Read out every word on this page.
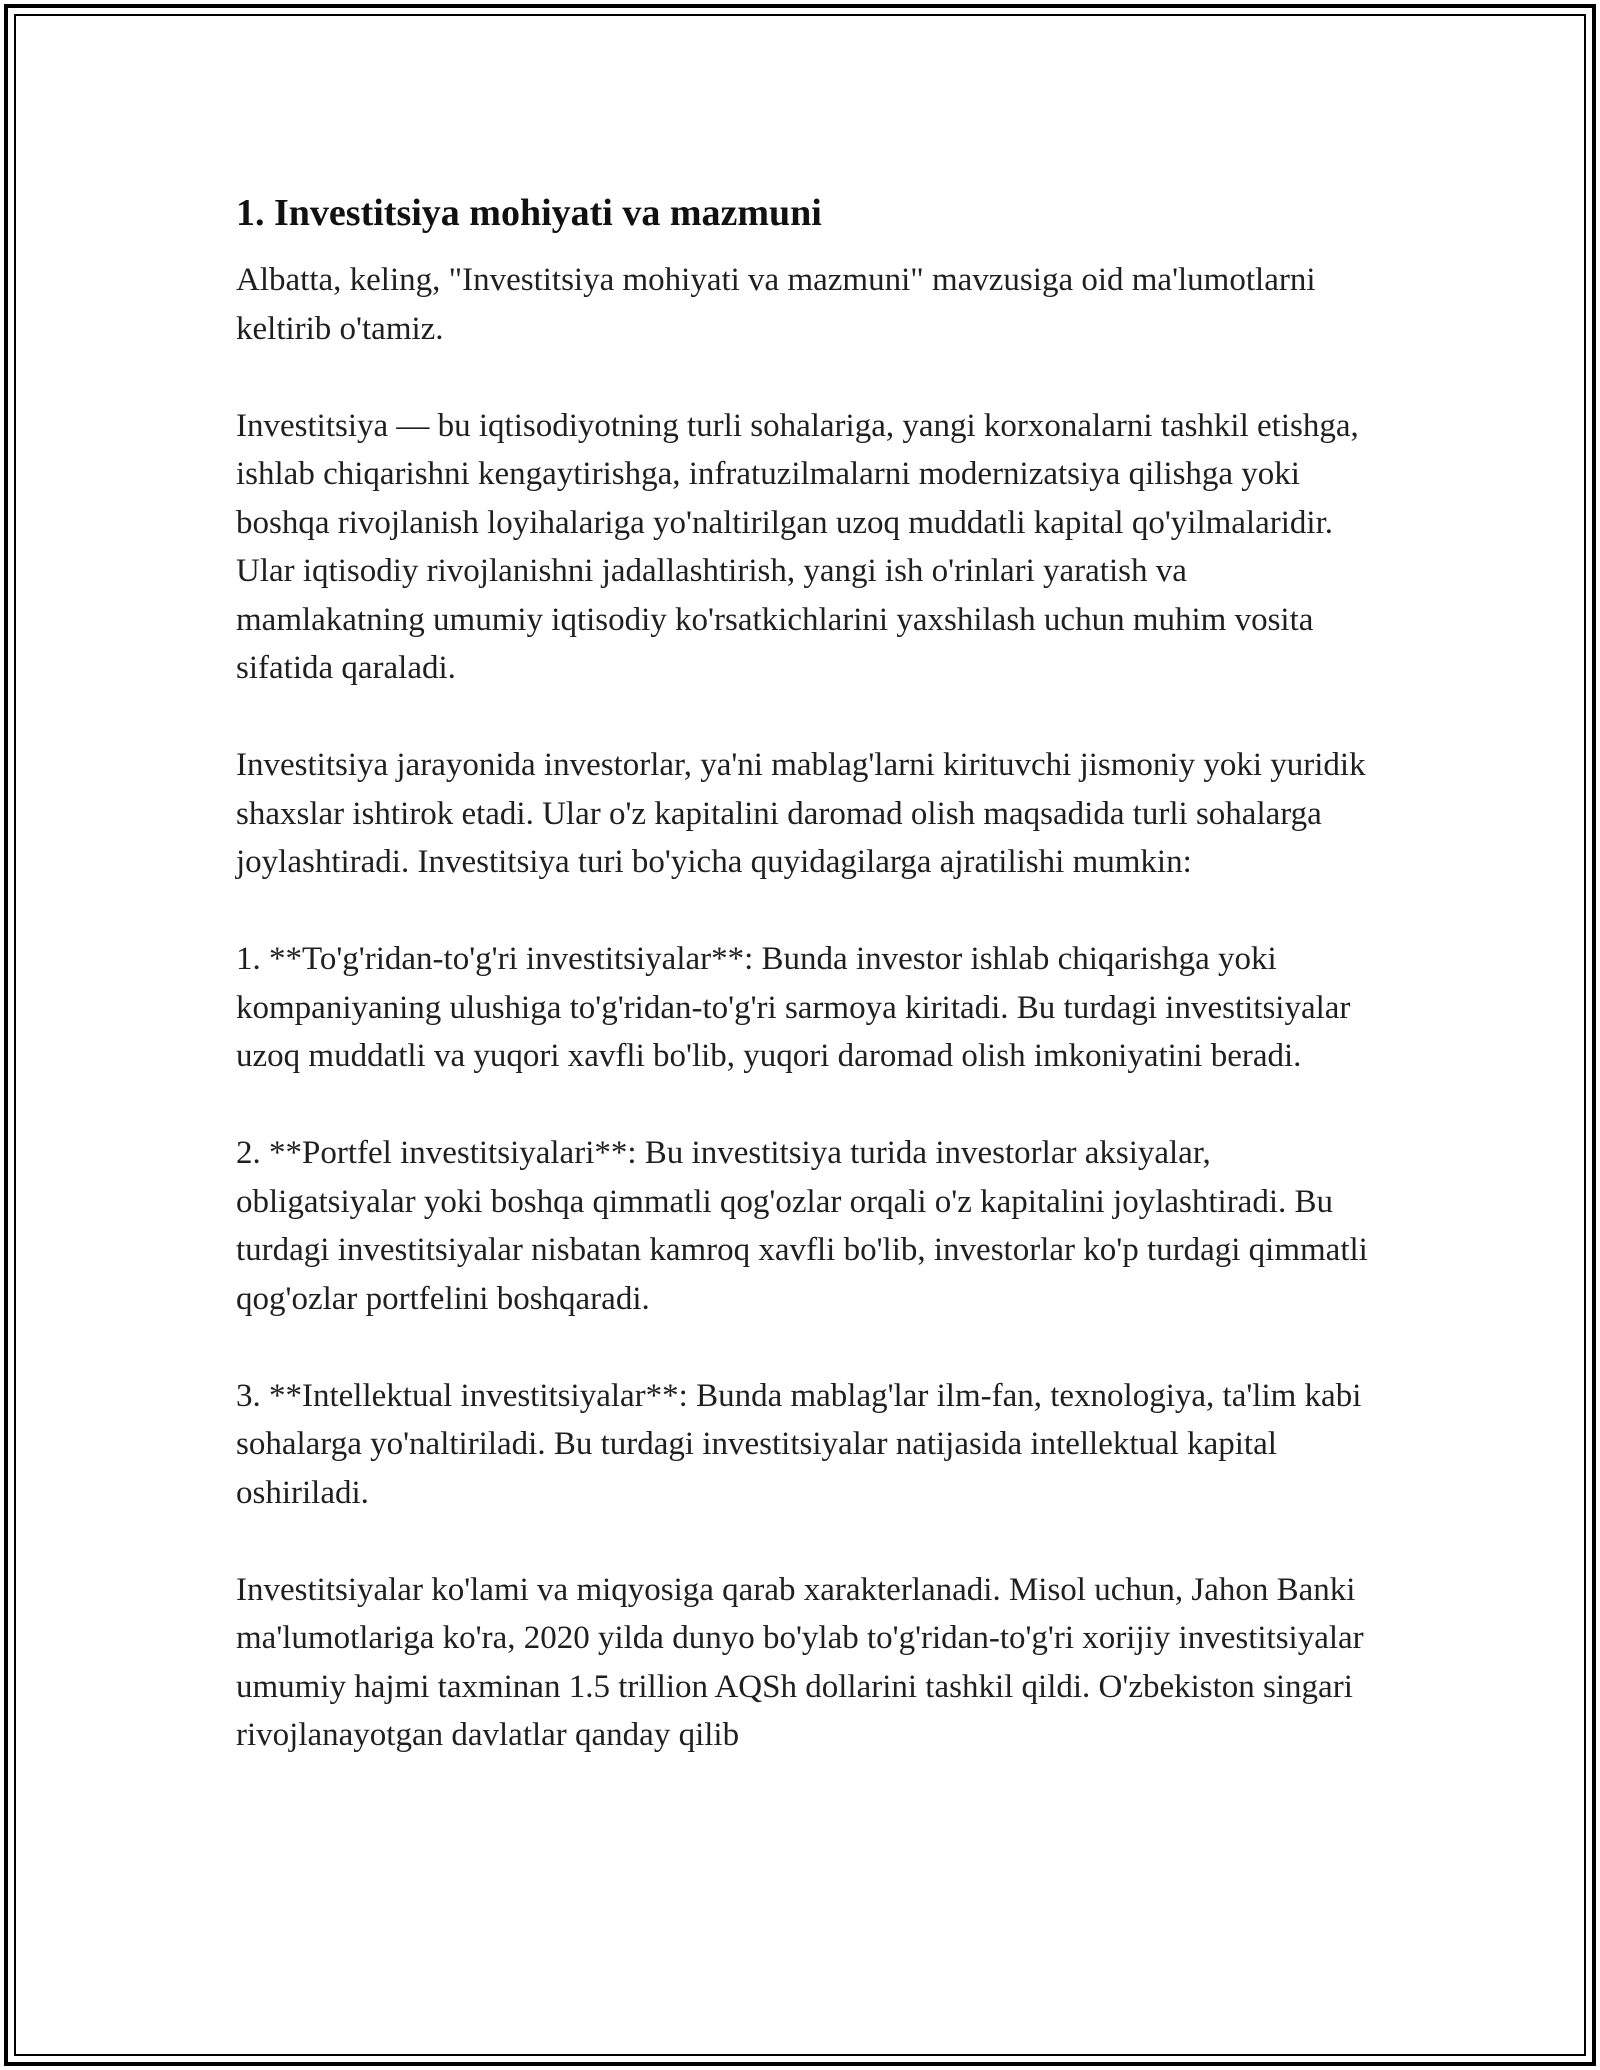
1. Investitsiya mohiyati va mazmuni

Albatta, keling, "Investitsiya mohiyati va mazmuni" mavzusiga oid ma'lumotlarni keltirib o'tamiz.

Investitsiya — bu iqtisodiyotning turli sohalariga, yangi korxonalarni tashkil etishga, ishlab chiqarishni kengaytirishga, infratuzilmalarni modernizatsiya qilishga yoki boshqa rivojlanish loyihalariga yo'naltirilgan uzoq muddatli kapital qo'yilmalaridir. Ular iqtisodiy rivojlanishni jadallashtirish, yangi ish o'rinlari yaratish va mamlakatning umumiy iqtisodiy ko'rsatkichlarini yaxshilash uchun muhim vosita sifatida qaraladi.

Investitsiya jarayonida investorlar, ya'ni mablag'larni kirituvchi jismoniy yoki yuridik shaxslar ishtirok etadi. Ular o'z kapitalini daromad olish maqsadida turli sohalarga joylashtiradi. Investitsiya turi bo'yicha quyidagilarga ajratilishi mumkin:

1. **To'g'ridan-to'g'ri investitsiyalar**: Bunda investor ishlab chiqarishga yoki kompaniyaning ulushiga to'g'ridan-to'g'ri sarmoya kiritadi. Bu turdagi investitsiyalar uzoq muddatli va yuqori xavfli bo'lib, yuqori daromad olish imkoniyatini beradi.

2. **Portfel investitsiyalari**: Bu investitsiya turida investorlar aksiyalar, obligatsiyalar yoki boshqa qimmatli qog'ozlar orqali o'z kapitalini joylashtiradi. Bu turdagi investitsiyalar nisbatan kamroq xavfli bo'lib, investorlar ko'p turdagi qimmatli qog'ozlar portfelini boshqaradi.

3. **Intellektual investitsiyalar**: Bunda mablag'lar ilm-fan, texnologiya, ta'lim kabi sohalarga yo'naltiriladi. Bu turdagi investitsiyalar natijasida intellektual kapital oshiriladi.

Investitsiyalar ko'lami va miqyosiga qarab xarakterlanadi. Misol uchun, Jahon Banki ma'lumotlariga ko'ra, 2020 yilda dunyo bo'ylab to'g'ridan-to'g'ri xorijiy investitsiyalar umumiy hajmi taxminan 1.5 trillion AQSh dollarini tashkil qildi. O'zbekiston singari rivojlanayotgan davlatlar qanday qilib
